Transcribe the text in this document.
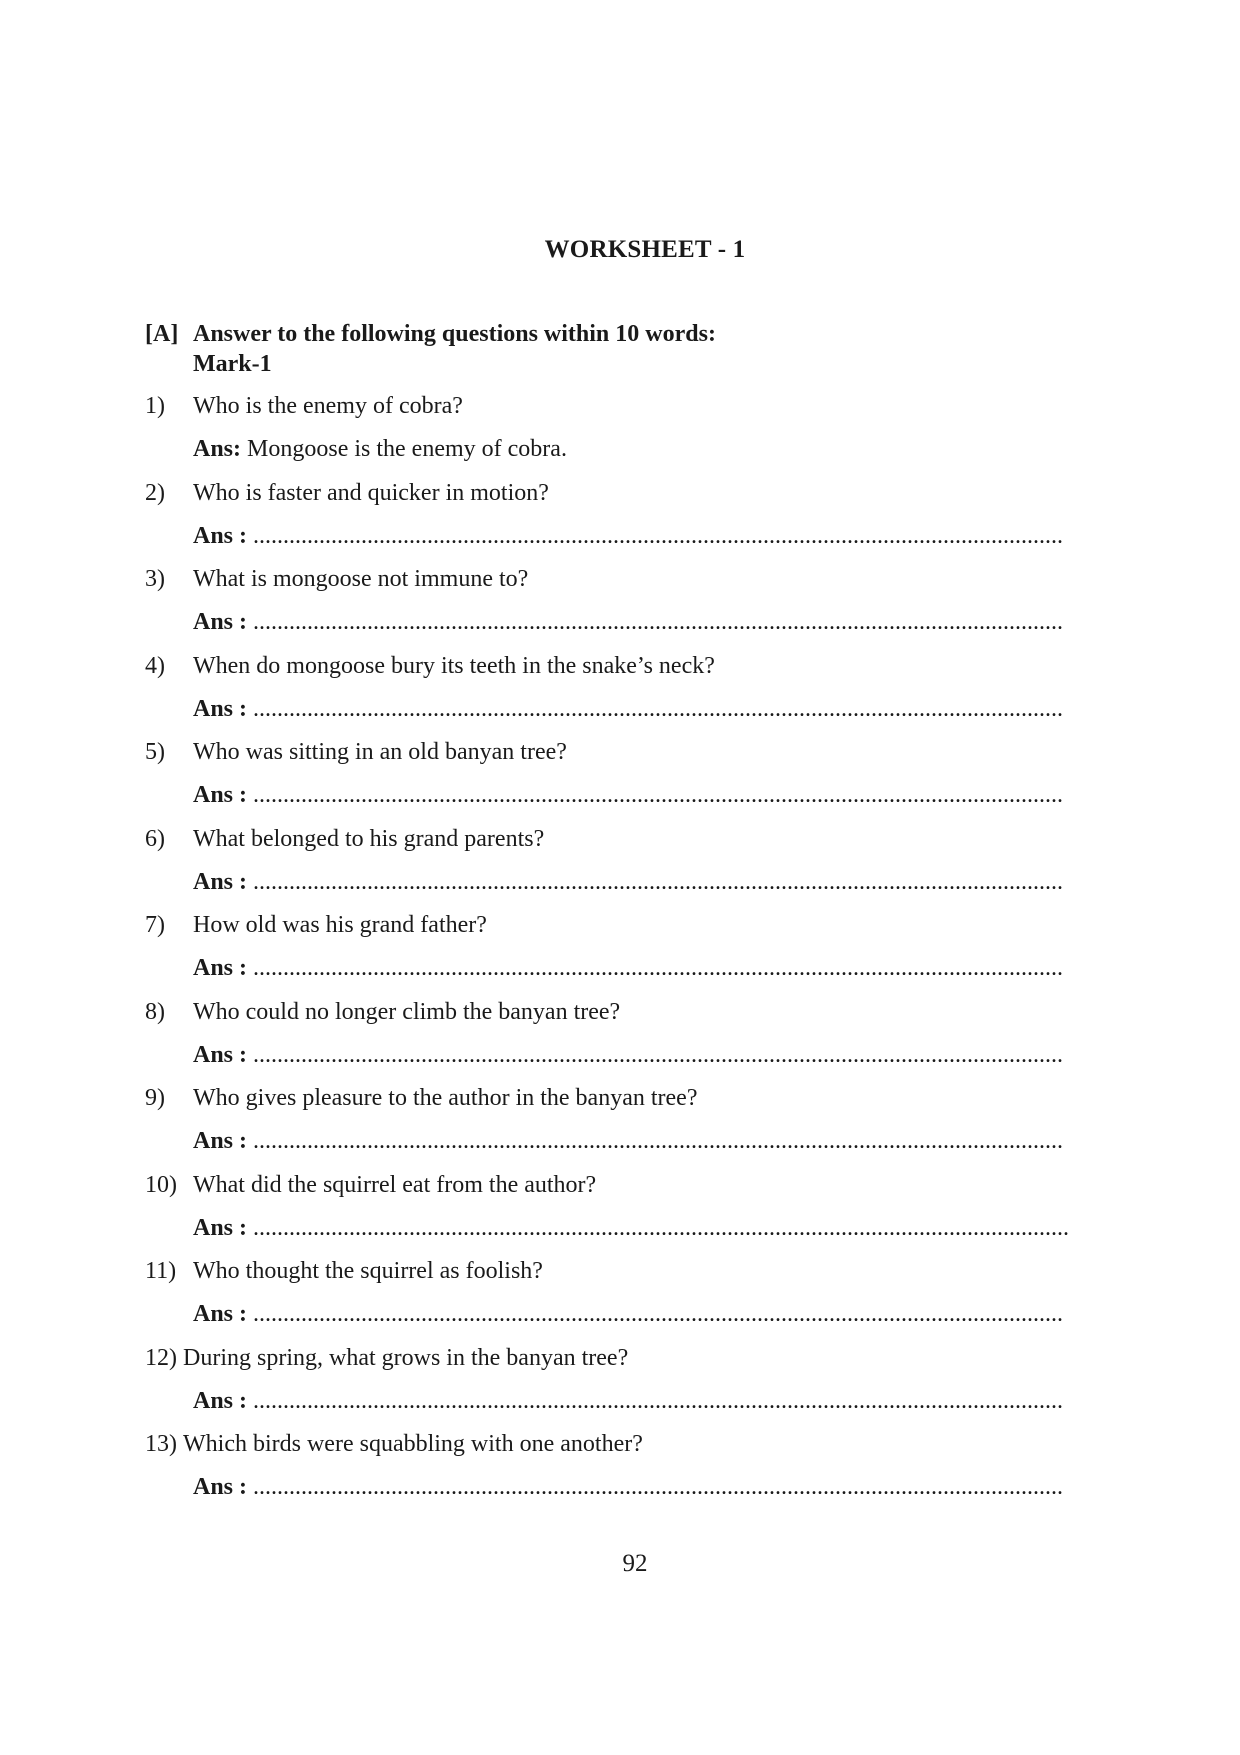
WORKSHEET - 1
[A] Answer to the following questions within 10 words:
Mark-1
1) Who is the enemy of cobra?
Ans: Mongoose is the enemy of cobra.
2) Who is faster and quicker in motion?
Ans : .......................................................................................................................................
3) What is mongoose not immune to?
Ans : .......................................................................................................................................
4) When do mongoose bury its teeth in the snake’s neck?
Ans : .......................................................................................................................................
5) Who was sitting in an old banyan tree?
Ans : .......................................................................................................................................
6) What belonged to his grand parents?
Ans : .......................................................................................................................................
7) How old was his grand father?
Ans : .......................................................................................................................................
8) Who could no longer climb the banyan tree?
Ans : .......................................................................................................................................
9) Who gives pleasure to the author in the banyan tree?
Ans : .......................................................................................................................................
10) What did the squirrel eat from the author?
Ans : ........................................................................................................................................
11) Who thought the squirrel as foolish?
Ans : .......................................................................................................................................
12) During spring, what grows in the banyan tree?
Ans : .......................................................................................................................................
13) Which birds were squabbling with one another?
Ans : .......................................................................................................................................
92
